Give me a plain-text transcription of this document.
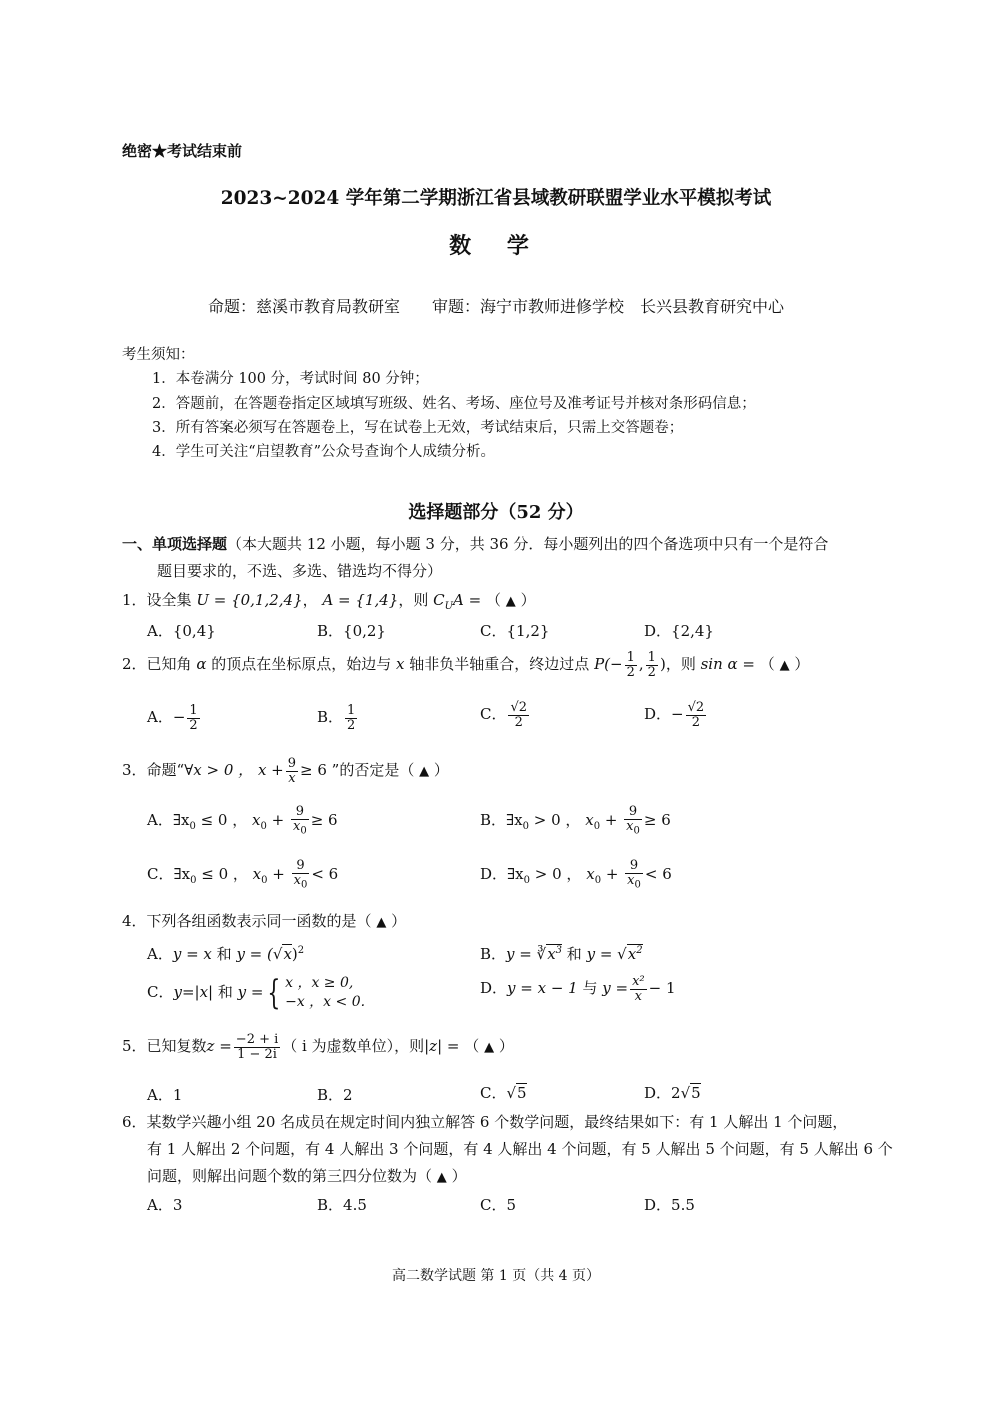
绝密★考试结束前
2023~2024 学年第二学期浙江省县域教研联盟学业水平模拟考试
数 学
命题：慈溪市教育局教研室　　审题：海宁市教师进修学校　长兴县教育研究中心
考生须知：
1．本卷满分 100 分，考试时间 80 分钟；
2．答题前，在答题卷指定区域填写班级、姓名、考场、座位号及准考证号并核对条形码信息；
3．所有答案必须写在答题卷上，写在试卷上无效，考试结束后，只需上交答题卷；
4．学生可关注“启望教育”公众号查询个人成绩分析。
选择题部分（52 分）
一、单项选择题（本大题共 12 小题，每小题 3 分，共 36 分．每小题列出的四个备选项中只有一个是符合
题目要求的，不选、多选、错选均不得分）
1．设全集 U = {0,1,2,4}， A = {1,4}，则 $C_UA$ = （ ▲ ）
A．{0,4}	B．{0,2}	C．{1,2}	D．{2,4}
2．已知角 α 的顶点在坐标原点，始边与 x 轴非负半轴重合，终边过点 $P(- \frac{1}{2}$ , $\frac{1}{2}$ )，则 sin α = （ ▲ ）
A．− $\frac{1}{2}$	B． $\frac{1}{2}$	C． $\frac{√2}{2}$	D．− $\frac{√2}{2}$
3．命题“∀x > 0 ， $x + \frac{9}{x} \ge 6$ ”的否定是（ ▲ ）
A．$\exists x_0 \le 0$ ， $x_0 + \frac{9}{x_0} \ge 6$	B．$\exists x_0 > 0$ ， $x_0 + \frac{9}{x_0} \ge 6$
C．$\exists x_0 \le 0$ ， $x_0 + \frac{9}{x_0} < 6$	D．$\exists x_0 > 0$ ， $x_0 + \frac{9}{x_0} < 6$
4．下列各组函数表示同一函数的是（ ▲ ）
A．y = x 和 $y = (√x)^2$	B．$y = ∛x^3$ 和 $y = √x^2$
C．y=|x| 和 y = { x ，x ≥ 0,
−x ，x < 0.
D．y = x − 1 与 $y = \frac{\text{x²}}{x} - 1$
5．已知复数$z = \frac{-2 + i}{1 - 2i}$ （ i 为虚数单位），则|z| = （ ▲ ）
A．1	B．2	C．√5	D．2√5
6．某数学兴趣小组 20 名成员在规定时间内独立解答 6 个数学问题，最终结果如下：有 1 人解出 1 个问题，
有 1 人解出 2 个问题，有 4 人解出 3 个问题，有 4 人解出 4 个问题，有 5 人解出 5 个问题，有 5 人解出 6 个
问题，则解出问题个数的第三四分位数为（ ▲ ）
A．3	B．4.5	C．5	D．5.5
高二数学试题 第 1 页（共 4 页）
